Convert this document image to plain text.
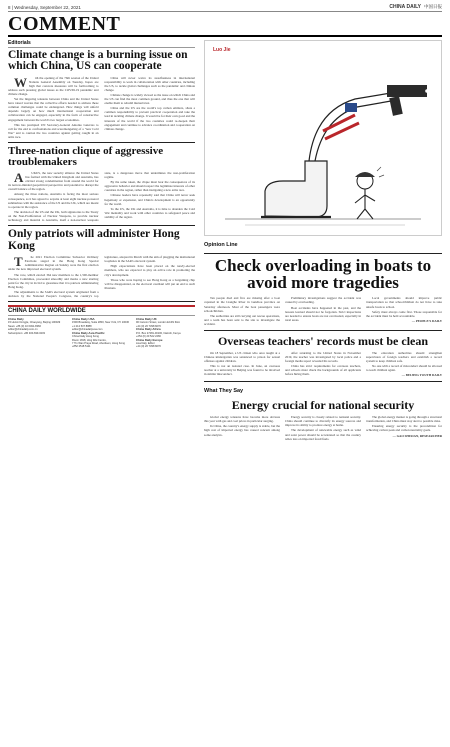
8 | Wednesday, September 22, 2021	CHINA DAILY 中国日报
COMMENT
Editorials
Climate change is a burning issue on which China, US can cooperate

With the opening of the 76th session of the United Nations General Assembly on Tuesday, hopes are high that concrete measures will be forthcoming to address such pressing global issues as the COVID-19 pandemic and climate change.

Yet the lingering tensions between China and the United States have raised worries that the collective efforts needed to address these common challenges could be endangered. How things will unfold depends largely on how much international cooperation and collaboration can be engaged, especially in the form of constructive engagement between the world's two largest economies.

This has prompted UN Secretary-General Antonio Guterres to call for the end to confrontations and scaremongering of a "new Cold War" and to caution the two countries against getting caught in an arms race.

China will never waive its steadfastness in international responsibility to work in collaboration with other countries, including the US, to tackle global challenges such as the pandemic and climate change.

Climate change is widely viewed as the issue on which China and the US can find the most common ground, and thus the one that will enable them to rebuild mutual trust.

China and the US are the world's top carbon emitters, share a common responsibility to prevent practical cooperation and take the lead in tackling climate change. It would be for their own good and the interests of the world if the two countries could re-deepen their engagement and continue to advance coordination and cooperation on climate change.

Three-nation clique of aggressive troublemakers

AUKUS, the new security alliance the United States has formed with the United Kingdom and Australia, has elicited strong condemnation from around the world for its narrow-minded geopolitical perspective and potential to disrupt the overall balance of the region.

Among the three nations, Australia is facing the most serious consequence, as it has agreed to acquire at least eight nuclear-powered submarines with the assistance of the US and the UK, which are meant to operate in the region.

The decision of the US and the UK, both signatories to the Treaty on the Non-Proliferation of Nuclear Weapons, to provide nuclear technology and material to Australia, itself a non-nuclear weapons state, is a dangerous move that undermines the non-proliferation regime.

By the same token, the clique must bear the consequences of its aggressive behavior and should respect the legitimate interests of other countries in the region, rather than instigating a new arms race.

Chinese leaders have repeatedly said that China will never seek hegemony or expansion, and China's development is an opportunity for the world.

To the US, the UK and Australia, it is time to abandon the Cold War mentality and work with other countries to safeguard peace and stability of the region.

Only patriots will administer Hong Kong

The 2021 Election Committee Subsector Ordinary Elections staged in the Hong Kong Special Administrative Region on Sunday were the first election under the new improved electoral system.

The vote, which elected 364 new members to the 1,500-member Election Committee, proceeded smoothly and marks a new starting point for the city in its bid to guarantee that it is patriots administering Hong Kong.

The adjustments to the SAR's electoral system originated from a decision by the National People's Congress, the country's top legislature, adopted in March with the aim of plugging the institutional loopholes in the SAR's electoral system.

High expectations have been placed on the newly-elected members, who are expected to play an active role in promoting the city's development.

Those who were hoping to see Hong Kong as a bargaining chip will be disappointed, as the electoral overhaul will put an end to such illusions.

CHINA DAILY WORLDWIDE
China Daily
15 Huixin Dongjie, Chaoyang, Beijing 100029
News: +86 (0) 10 6491-8366
editor@chinadaily.com.cn
Subscription: +86 400-699-0203
China Daily USA
1500 Broadway, Suite 2800, New York, NY 10036
+1 212 537 8888
editor@chinadailyusa.com
China Daily Asia Pacific
China Daily Hong Kong
Room 1818, Hing Wai Centre,
7 Tin Wan Praya Road, Aberdeen, Hong Kong
+852 2518 5111
China Daily UK
90 Cannon Street, London EC4N 6HA
+44 (0) 20 7398 8270
China Daily Africa
P.O. Box 27281-00100, Nairobi, Kenya
+254 (0) 20 522 2466
China Daily Europe
Lisa Daly, Editor
+44 (0) 20 7398 8270
Luo Jie
Opinion Line
Check overloading in boats to avoid more tragedies

Ten people died and five are missing after a boat capsized in the Lianghe River in Guizhou province on Saturday afternoon. Most of the boat passengers were schoolchildren.

The authorities are still carrying out rescue operations, and a team has been sent to the site to investigate the accident.

Preliminary investigations suggest the accident was caused by overloading.

Boat accidents have happened in the past, and the lessons learned should not be forgotten. Strict inspections are needed to ensure boats are not overloaded, especially in rural areas.

Local governments should improve public transportation so that schoolchildren do not have to take unsafe boats to school.

Safety must always come first. Those responsible for the accident must be held accountable.

— PEOPLE'S DAILY
Overseas teachers' records must be clean

On 18 September, a US citizen who once taught at a Chinese kindergarten was sentenced to prison for sexual offenses against children.

This is not an isolated case. In June, an overseas teacher at a university in Beijing was found to be involved in similar misconduct.

After returning to the United States in November 2019, the teacher was investigated by local police and a foreign media report revealed his records.

China has strict requirements for overseas teachers, and schools must check the backgrounds of all applicants before hiring them.

The education authorities should strengthen supervision of foreign teachers and establish a record system to keep children safe.

No one with a record of misconduct should be allowed to teach children again.

— BEIJING YOUTH DAILY
What They Say
Energy crucial for national security

Global energy tensions have become more obvious this year with gas and coal prices in particular surging.

In China, the country's energy supply is stable, but the high cost of imported energy has caused concern among some analysts.

Energy security is closely related to national security. China should continue to diversify its energy sources and improve its ability to produce energy at home.

The development of renewable energy such as wind and solar power should be accelerated so that the country relies less on imported fossil fuels.

The global energy market is going through a structural transformation, and China must stay alert to possible risks.

Ensuring energy security is the precondition for achieving carbon peak and carbon neutrality goals.

— GAO SHIXIAN, RESEARCHER
